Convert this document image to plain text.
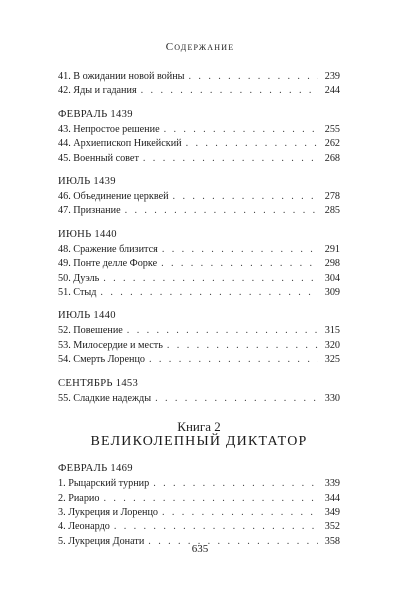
Содержание
41. В ожидании новой войны . . .	239
42. Яды и гадания . . .	244
ФЕВРАЛЬ 1439
43. Непростое решение . . .	255
44. Архиепископ Никейский . . .	262
45. Военный совет . . .	268
ИЮЛЬ 1439
46. Объединение церквей . . .	278
47. Признание . . .	285
ИЮНЬ 1440
48. Сражение близится . . .	291
49. Понте делле Форке . . .	298
50. Дуэль . . .	304
51. Стыд . . .	309
ИЮЛЬ 1440
52. Повешение . . .	315
53. Милосердие и месть . . .	320
54. Смерть Лоренцо . . .	325
СЕНТЯБРЬ 1453
55. Сладкие надежды . . .	330
Книга 2
ВЕЛИКОЛЕПНЫЙ ДИКТАТОР
ФЕВРАЛЬ 1469
1. Рыцарский турнир . . .	339
2. Риарио . . .	344
3. Лукреция и Лоренцо . . .	349
4. Леонардо . . .	352
5. Лукреция Донати . . .	358
635
